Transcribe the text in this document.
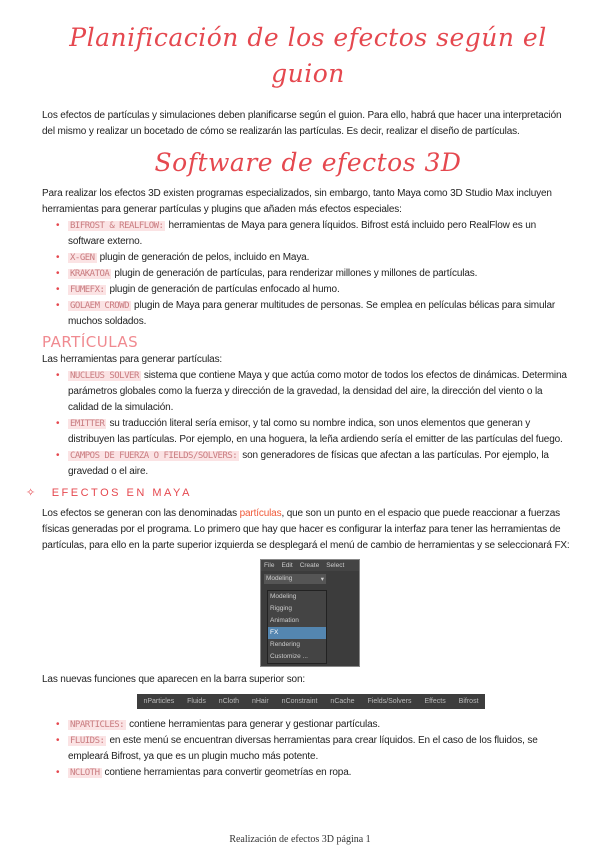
Planificación de los efectos según el guion
Los efectos de partículas y simulaciones deben planificarse según el guion. Para ello, habrá que hacer una interpretación del mismo y realizar un bocetado de cómo se realizarán las partículas. Es decir, realizar el diseño de partículas.
Software de efectos 3D
Para realizar los efectos 3D existen programas especializados, sin embargo, tanto Maya como 3D Studio Max incluyen herramientas para generar partículas y plugins que añaden más efectos especiales:
• BIFROST & REALFLOW: herramientas de Maya para genera líquidos. Bifrost está incluido pero RealFlow es un software externo.
• X-GEN plugin de generación de pelos, incluido en Maya.
• KRAKATOA plugin de generación de partículas, para renderizar millones y millones de partículas.
• FUMEFX: plugin de generación de partículas enfocado al humo.
• GOLAEM CROWD plugin de Maya para generar multitudes de personas. Se emplea en películas bélicas para simular muchos soldados.
PARTÍCULAS
Las herramientas para generar partículas:
• NUCLEUS SOLVER sistema que contiene Maya y que actúa como motor de todos los efectos de dinámicas. Determina parámetros globales como la fuerza y dirección de la gravedad, la densidad del aire, la dirección del viento o la calidad de la simulación.
• EMITTER su traducción literal sería emisor, y tal como su nombre indica, son unos elementos que generan y distribuyen las partículas. Por ejemplo, en una hoguera, la leña ardiendo sería el emitter de las partículas del fuego.
• CAMPOS DE FUERZA O FIELDS/SOLVERS: son generadores de físicas que afectan a las partículas. Por ejemplo, la gravedad o el aire.
✧ EFECTOS EN MAYA
Los efectos se generan con las denominadas partículas, que son un punto en el espacio que puede reaccionar a fuerzas físicas generadas por el programa. Lo primero que hay que hacer es configurar la interfaz para tener las herramientas de partículas, para ello en la parte superior izquierda se desplegará el menú de cambio de herramientas y se seleccionará FX:
File Edit Create Select
Modeling	▾
Modeling
Rigging
Animation
FX
Rendering
Customize ...
Las nuevas funciones que aparecen en la barra superior son:
nParticles Fluids nCloth nHair nConstraint nCache Fields/Solvers Effects Bifrost
• NPARTICLES: contiene herramientas para generar y gestionar partículas.
• FLUIDS: en este menú se encuentran diversas herramientas para crear líquidos. En el caso de los fluidos, se empleará Bifrost, ya que es un plugin mucho más potente.
• NCLOTH contiene herramientas para convertir geometrías en ropa.
Realización de efectos 3D página 1
